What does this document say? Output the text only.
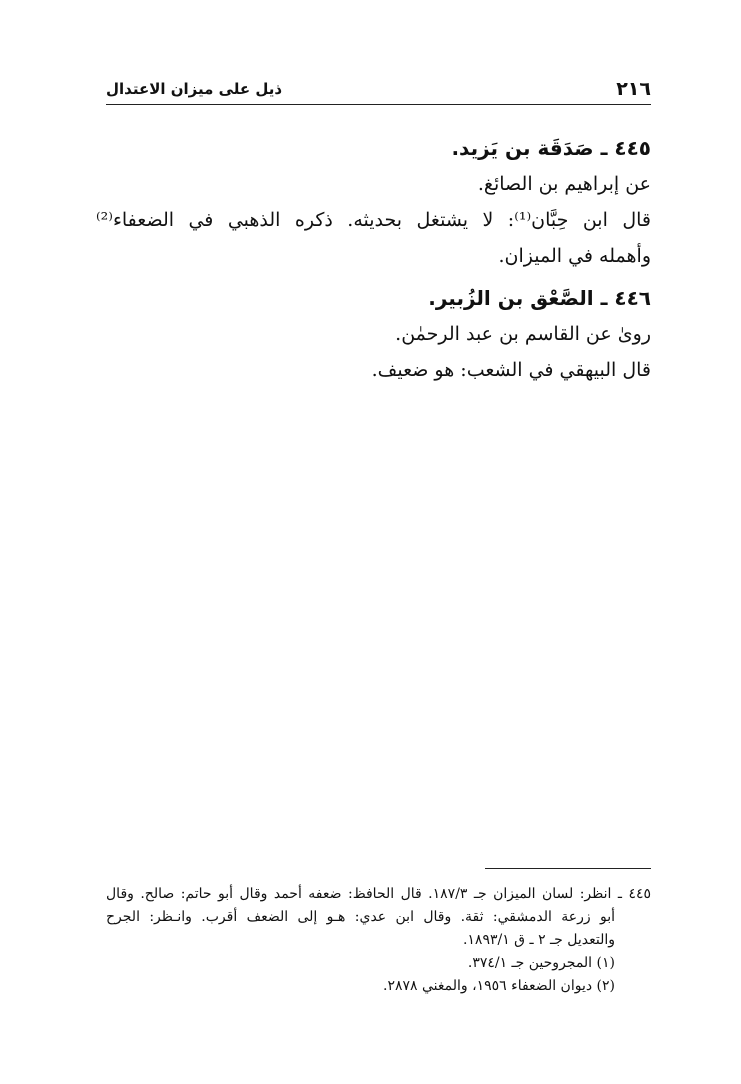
٢١٦
ذيل على ميزان الاعتدال
٤٤٥ ـ صَدَقَة بن يَزيد.
عن إبراهيم بن الصائغ.
قال ابن حِبَّان⁽¹⁾: لا يشتغل بحديثه. ذكره الذهبي في الضعفاء⁽²⁾
وأهمله في الميزان.
٤٤٦ ـ الصَّعْق بن الزُبير.
روىٰ عن القاسم بن عبد الرحمٰن.
قال البيهقي في الشعب: هو ضعيف.
٤٤٥ ـ انظر: لسان الميزان جـ ١٨٧/٣. قال الحافظ: ضعفه أحمد وقال أبو حاتم: صالح. وقال
أبو زرعة الدمشقي: ثقة. وقال ابن عدي: هـو إلى الضعف أقرب. وانـظر: الجرح
والتعديل جـ ٢ ـ ق ١٨٩٣/١.
(١) المجروحين جـ ٣٧٤/١.
(٢) ديوان الضعفاء ١٩٥٦، والمغني ٢٨٧٨.
